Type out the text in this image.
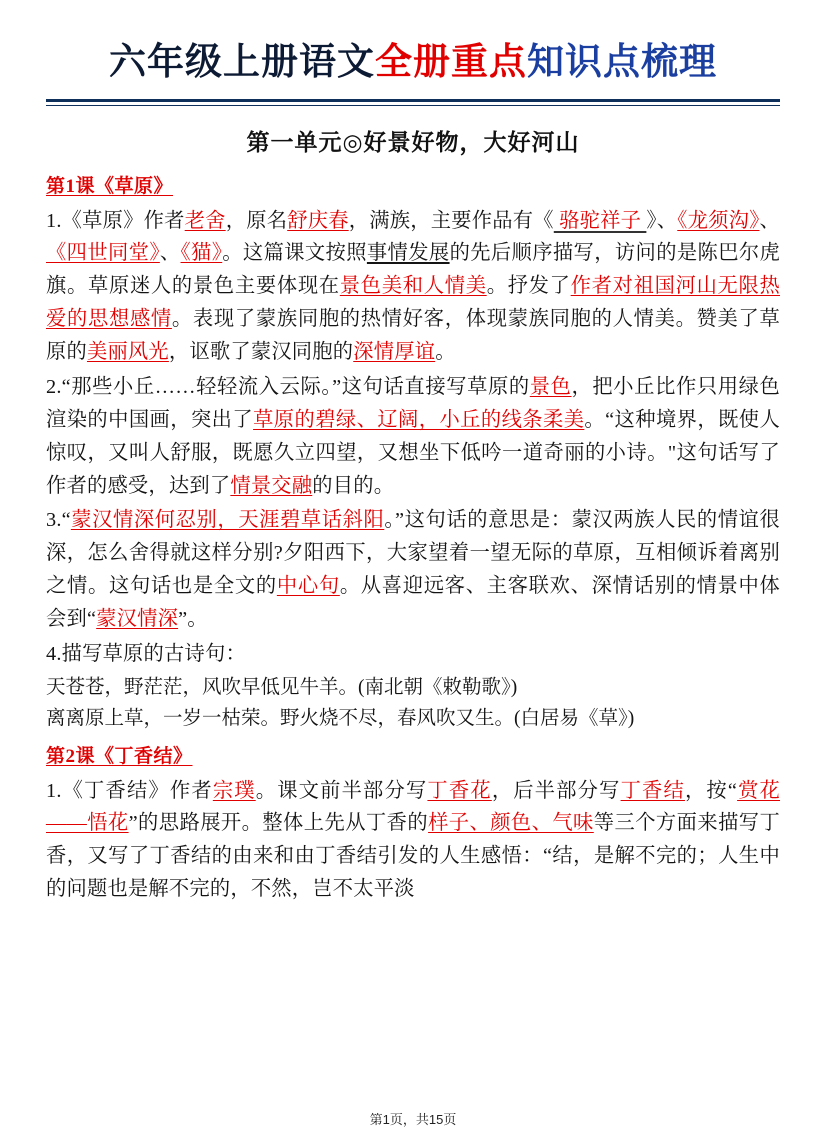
六年级上册语文全册重点知识点梳理
第一单元◎好景好物，大好河山
第1课《草原》

1.《草原》作者老舍，原名舒庆春，满族，主要作品有《 骆驼祥子 》、《龙须沟》、《四世同堂》、《猫》。这篇课文按照事情发展的先后顺序描写，访问的是陈巴尔虎旗。草原迷人的景色主要体现在景色美和人情美。抒发了作者对祖国河山无限热爱的思想感情。表现了蒙族同胞的热情好客，体现蒙族同胞的人情美。赞美了草原的美丽风光，讴歌了蒙汉同胞的深情厚谊。

2.“那些小丘……轻轻流入云际。”这句话直接写草原的景色，把小丘比作只用绿色渲染的中国画，突出了草原的碧绿、辽阔，小丘的线条柔美。“这种境界，既使人惊叹，又叫人舒服，既愿久立四望，又想坐下低吟一道奇丽的小诗。"这句话写了作者的感受，达到了情景交融的目的。

3.“蒙汉情深何忍别，天涯碧草话斜阳。”这句话的意思是：蒙汉两族人民的情谊很深，怎么舍得就这样分别?夕阳西下，大家望着一望无际的草原，互相倾诉着离别之情。这句话也是全文的中心句。从喜迎远客、主客联欢、深情话别的情景中体会到“蒙汉情深”。

4.描写草原的古诗句：

天苍苍，野茫茫，风吹早低见牛羊。(南北朝《敕勒歌》)
离离原上草，一岁一枯荣。野火烧不尽，春风吹又生。(白居易《草》)
第2课《丁香结》

1.《丁香结》作者宗璞。课文前半部分写丁香花，后半部分写丁香结，按“赏花——悟花”的思路展开。整体上先从丁香的样子、颜色、气味等三个方面来描写丁香，又写了丁香结的由来和由丁香结引发的人生感悟：“结，是解不完的；人生中的问题也是解不完的，不然，岂不太平淡

第1页，共15页
